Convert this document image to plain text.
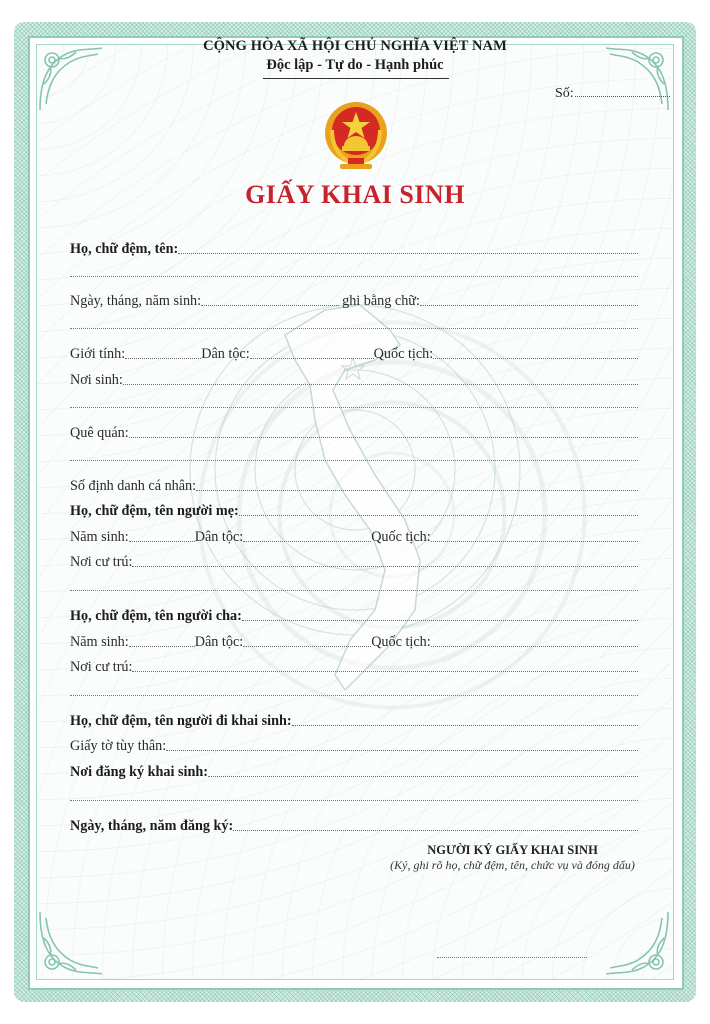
CỘNG HÒA XÃ HỘI CHỦ NGHĨA VIỆT NAM
Độc lập - Tự do - Hạnh phúc
Số:
GIẤY KHAI SINH
Họ, chữ đệm, tên:
Ngày, tháng, năm sinh:	ghi bằng chữ:
Giới tính:	Dân tộc:	Quốc tịch:
Nơi sinh:
Quê quán:
Số định danh cá nhân:
Họ, chữ đệm, tên người mẹ:
Năm sinh:	Dân tộc:	Quốc tịch:
Nơi cư trú:
Họ, chữ đệm, tên người cha:
Năm sinh:	Dân tộc:	Quốc tịch:
Nơi cư trú:
Họ, chữ đệm, tên người đi khai sinh:
Giấy tờ tùy thân:
Nơi đăng ký khai sinh:
Ngày, tháng, năm đăng ký:
NGƯỜI KÝ GIẤY KHAI SINH
(Ký, ghi rõ họ, chữ đệm, tên, chức vụ và đóng dấu)
